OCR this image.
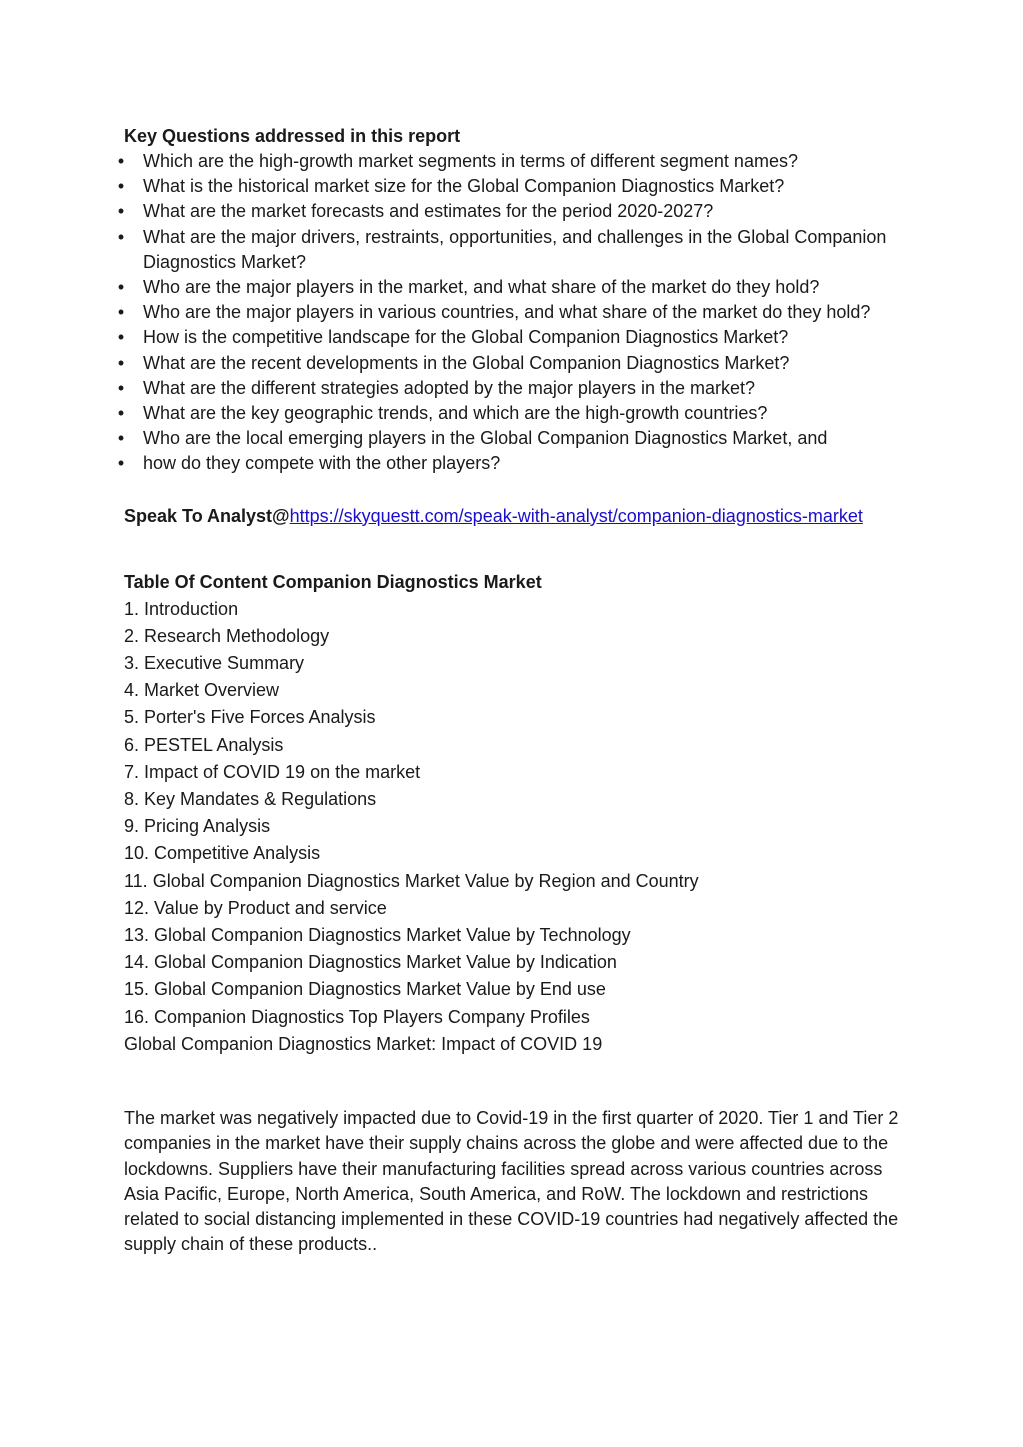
Key Questions addressed in this report

• Which are the high-growth market segments in terms of different segment names?
• What is the historical market size for the Global Companion Diagnostics Market?
• What are the market forecasts and estimates for the period 2020-2027?
• What are the major drivers, restraints, opportunities, and challenges in the Global Companion Diagnostics Market?
• Who are the major players in the market, and what share of the market do they hold?
• Who are the major players in various countries, and what share of the market do they hold?
• How is the competitive landscape for the Global Companion Diagnostics Market?
• What are the recent developments in the Global Companion Diagnostics Market?
• What are the different strategies adopted by the major players in the market?
• What are the key geographic trends, and which are the high-growth countries?
• Who are the local emerging players in the Global Companion Diagnostics Market, and
• how do they compete with the other players?

Speak To Analyst@https://skyquestt.com/speak-with-analyst/companion-diagnostics-market

Table Of Content Companion Diagnostics Market

1. Introduction
2. Research Methodology
3. Executive Summary
4. Market Overview
5. Porter's Five Forces Analysis
6. PESTEL Analysis
7. Impact of COVID 19 on the market
8. Key Mandates & Regulations
9. Pricing Analysis
10. Competitive Analysis
11. Global Companion Diagnostics Market Value by Region and Country
12. Value by Product and service
13. Global Companion Diagnostics Market Value by Technology
14. Global Companion Diagnostics Market Value by Indication
15. Global Companion Diagnostics Market Value by End use
16. Companion Diagnostics Top Players Company Profiles
Global Companion Diagnostics Market: Impact of COVID 19

The market was negatively impacted due to Covid-19 in the first quarter of 2020. Tier 1 and Tier 2 companies in the market have their supply chains across the globe and were affected due to the lockdowns. Suppliers have their manufacturing facilities spread across various countries across Asia Pacific, Europe, North America, South America, and RoW. The lockdown and restrictions related to social distancing implemented in these COVID-19 countries had negatively affected the supply chain of these products..
